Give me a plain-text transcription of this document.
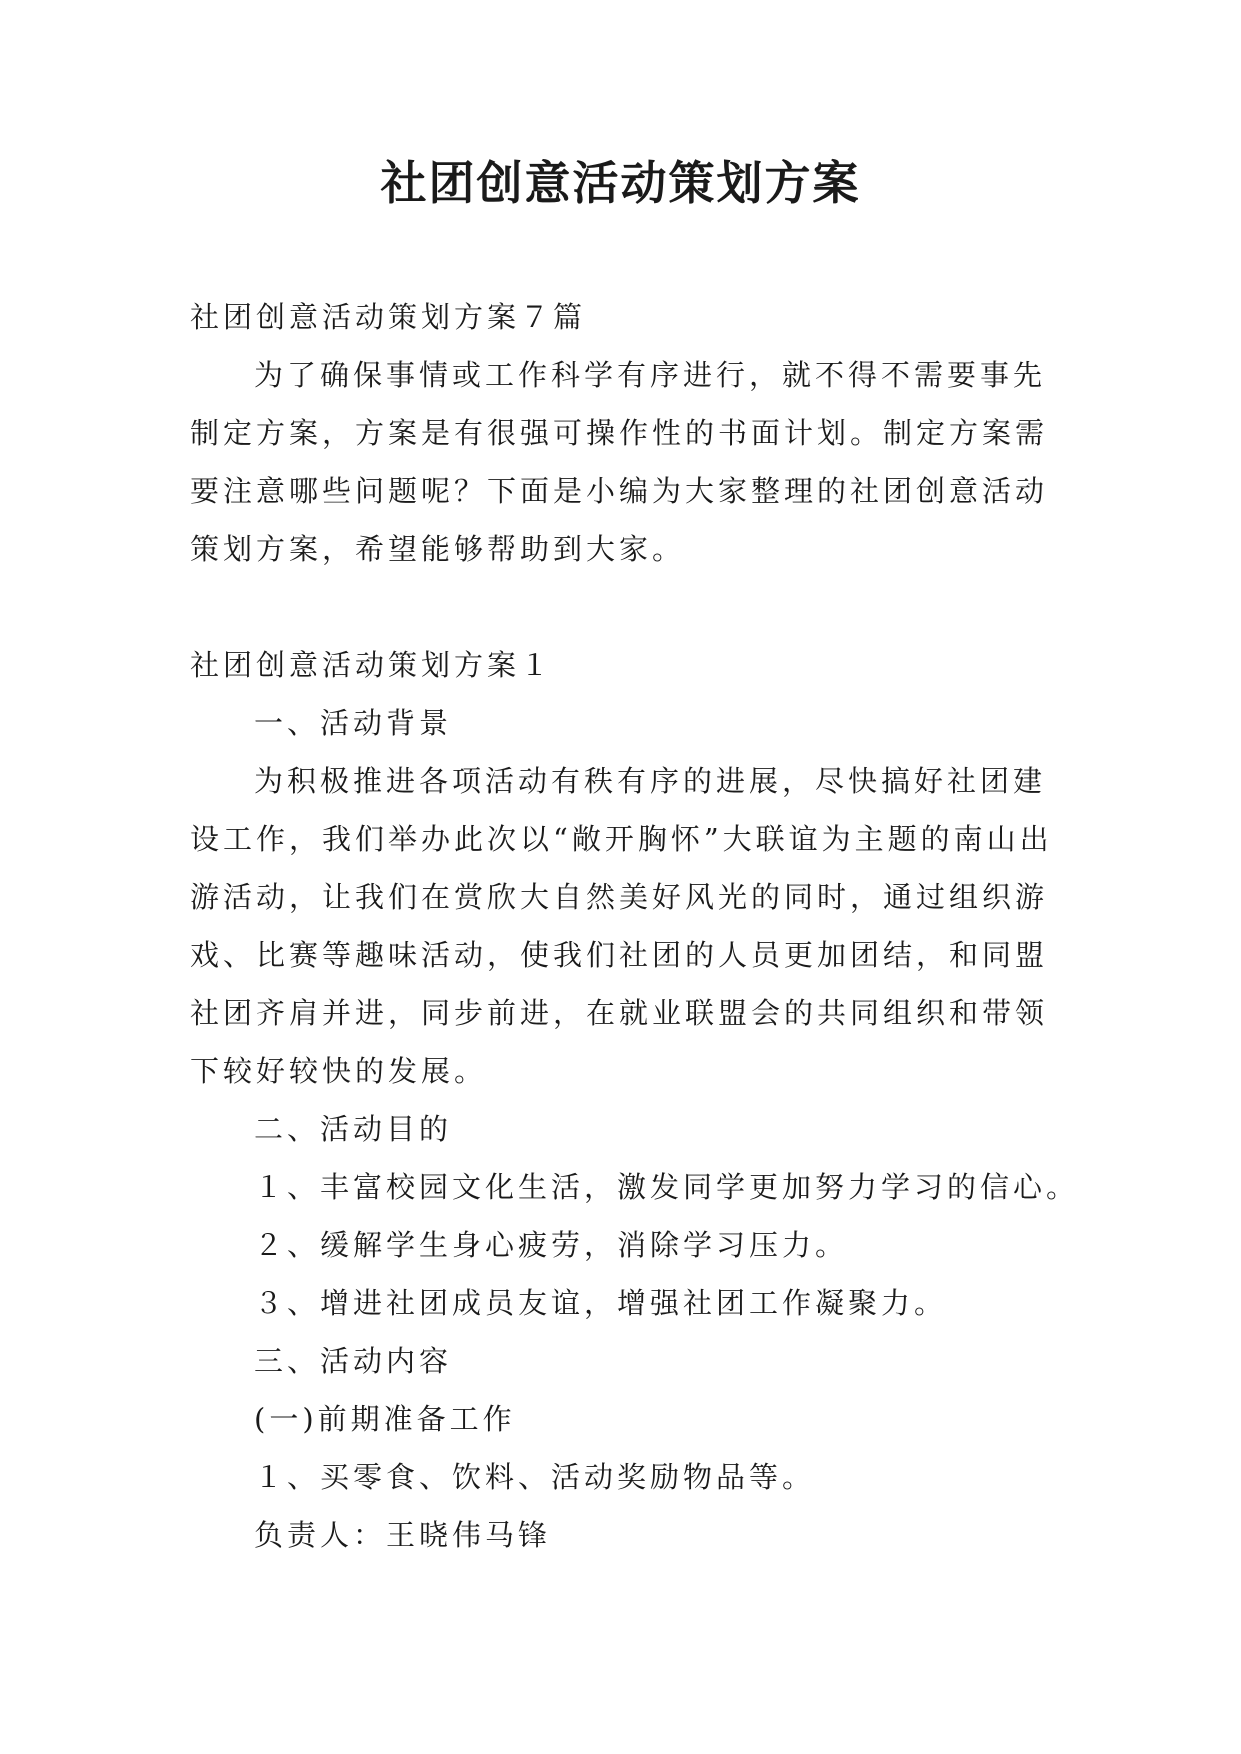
社团创意活动策划方案

社团创意活动策划方案７篇

为了确保事情或工作科学有序进行，就不得不需要事先制定方案，方案是有很强可操作性的书面计划。制定方案需要注意哪些问题呢？下面是小编为大家整理的社团创意活动策划方案，希望能够帮助到大家。

社团创意活动策划方案１

一、活动背景

为积极推进各项活动有秩有序的进展，尽快搞好社团建设工作，我们举办此次以“敞开胸怀”大联谊为主题的南山出游活动，让我们在赏欣大自然美好风光的同时，通过组织游戏、比赛等趣味活动，使我们社团的人员更加团结，和同盟社团齐肩并进，同步前进，在就业联盟会的共同组织和带领下较好较快的发展。

二、活动目的

１、丰富校园文化生活，激发同学更加努力学习的信心。

２、缓解学生身心疲劳，消除学习压力。

３、增进社团成员友谊，增强社团工作凝聚力。

三、活动内容

(一)前期准备工作

１、买零食、饮料、活动奖励物品等。

负责人：王晓伟马锋
